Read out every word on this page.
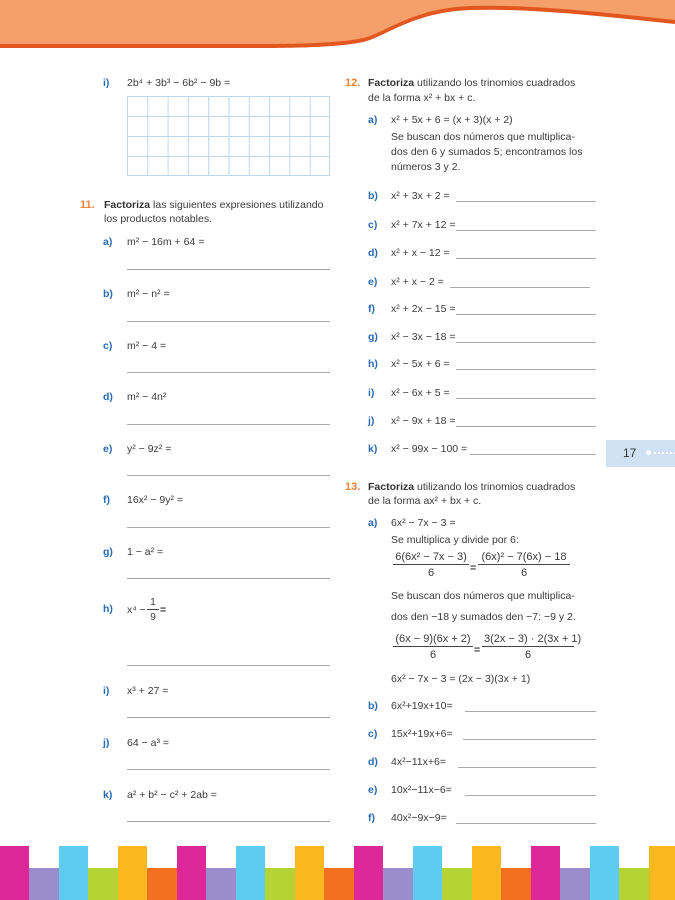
i) 2b⁴ + 3b³ − 6b² − 9b =
11. Factoriza las siguientes expresiones utilizando
los productos notables.
a) m² − 16m + 64 =
b) m² − n² =
c) m² − 4 =
d) m² − 4n²
e) y² − 9z² =
f) 16x² − 9y² =
g) 1 − a² =
h) $x^4 - \frac{1}{9}$ =
i) x³ + 27 =
j) 64 − a³ =
k) a² + b² − c² + 2ab =
12. Factoriza utilizando los trinomios cuadrados
de la forma x² + bx + c.
a) x² + 5x + 6 = (x + 3)(x + 2)
Se buscan dos números que multiplica-
dos den 6 y sumados 5; encontramos los
números 3 y 2.
b) x² + 3x + 2 =
c) x² + 7x + 12 =
d) x² + x − 12 =
e) x² + x − 2 =
f) x² + 2x − 15 =
g) x² − 3x − 18 =
h) x² − 5x + 6 =
i) x² − 6x + 5 =
j) x² − 9x + 18 =
k) x² − 99x − 100 =	17
13. Factoriza utilizando los trinomios cuadrados
de la forma ax² + bx + c.
a) 6x² − 7x − 3 =
Se multiplica y divide por 6:
$\frac{\text{6(6x² − 7x − 3)}}{6} = \frac{\text{(6x)² − 7(6x) − 18}}{6}$
Se buscan dos números que multiplica-
dos den −18 y sumados den −7: −9 y 2.
$\frac{(6x - 9)(6x + 2)}{6} = \frac{3(2x - 3) \cdot 2(3x + 1)}{6}$
6x² − 7x − 3 = (2x − 3)(3x + 1)
b) 6x²+19x+10=
c) 15x²+19x+6=
d) 4x²−11x+6=
e) 10x²−11x−6=
f) 40x²−9x−9=
